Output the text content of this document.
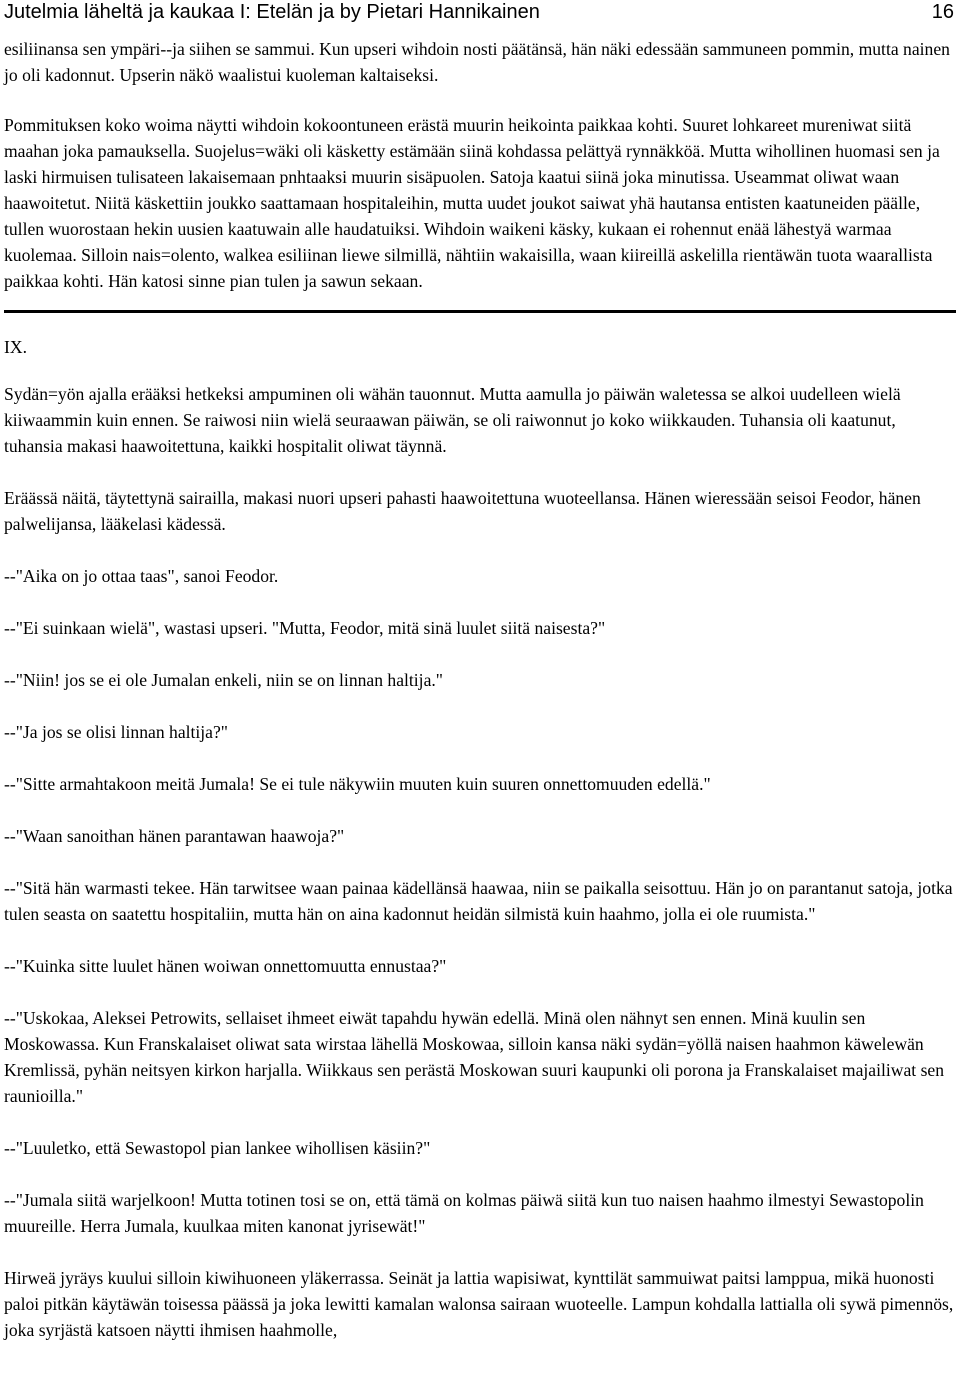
Jutelmia läheltä ja kaukaa I: Etelän ja by Pietari Hannikainen	16

esiliinansa sen ympäri--ja siihen se sammui. Kun upseri wihdoin nosti päätänsä, hän näki edessään sammuneen pommin, mutta nainen jo oli kadonnut. Upserin näkö waalistui kuoleman kaltaiseksi.

Pommituksen koko woima näytti wihdoin kokoontuneen erästä muurin heikointa paikkaa kohti. Suuret lohkareet mureniwat siitä maahan joka pamauksella. Suojelus=wäki oli käsketty estämään siinä kohdassa pelättyä rynnäkköä. Mutta wihollinen huomasi sen ja laski hirmuisen tulisateen lakaisemaan pnhtaaksi muurin sisäpuolen. Satoja kaatui siinä joka minutissa. Useammat oliwat waan haawoitetut. Niitä käskettiin joukko saattamaan hospitaleihin, mutta uudet joukot saiwat yhä hautansa entisten kaatuneiden päälle, tullen wuorostaan hekin uusien kaatuwain alle haudatuiksi. Wihdoin waikeni käsky, kukaan ei rohennut enää lähestyä warmaa kuolemaa. Silloin nais=olento, walkea esiliinan liewe silmillä, nähtiin wakaisilla, waan kiireillä askelilla rientäwän tuota waarallista paikkaa kohti. Hän katosi sinne pian tulen ja sawun sekaan.

IX.

Sydän=yön ajalla erääksi hetkeksi ampuminen oli wähän tauonnut. Mutta aamulla jo päiwän waletessa se alkoi uudelleen wielä kiiwaammin kuin ennen. Se raiwosi niin wielä seuraawan päiwän, se oli raiwonnut jo koko wiikkauden. Tuhansia oli kaatunut, tuhansia makasi haawoitettuna, kaikki hospitalit oliwat täynnä.

Eräässä näitä, täytettynä sairailla, makasi nuori upseri pahasti haawoitettuna wuoteellansa. Hänen wieressään seisoi Feodor, hänen palwelijansa, lääkelasi kädessä.

--"Aika on jo ottaa taas", sanoi Feodor.

--"Ei suinkaan wielä", wastasi upseri. "Mutta, Feodor, mitä sinä luulet siitä naisesta?"

--"Niin! jos se ei ole Jumalan enkeli, niin se on linnan haltija."

--"Ja jos se olisi linnan haltija?"

--"Sitte armahtakoon meitä Jumala! Se ei tule näkywiin muuten kuin suuren onnettomuuden edellä."

--"Waan sanoithan hänen parantawan haawoja?"

--"Sitä hän warmasti tekee. Hän tarwitsee waan painaa kädellänsä haawaa, niin se paikalla seisottuu. Hän jo on parantanut satoja, jotka tulen seasta on saatettu hospitaliin, mutta hän on aina kadonnut heidän silmistä kuin haahmo, jolla ei ole ruumista."

--"Kuinka sitte luulet hänen woiwan onnettomuutta ennustaa?"

--"Uskokaa, Aleksei Petrowits, sellaiset ihmeet eiwät tapahdu hywän edellä. Minä olen nähnyt sen ennen. Minä kuulin sen Moskowassa. Kun Franskalaiset oliwat sata wirstaa lähellä Moskowaa, silloin kansa näki sydän=yöllä naisen haahmon käwelewän Kremlissä, pyhän neitsyen kirkon harjalla. Wiikkaus sen perästä Moskowan suuri kaupunki oli porona ja Franskalaiset majailiwat sen raunioilla."

--"Luuletko, että Sewastopol pian lankee wihollisen käsiin?"

--"Jumala siitä warjelkoon! Mutta totinen tosi se on, että tämä on kolmas päiwä siitä kun tuo naisen haahmo ilmestyi Sewastopolin muureille. Herra Jumala, kuulkaa miten kanonat jyrisewät!"

Hirweä jyräys kuului silloin kiwihuoneen yläkerrassa. Seinät ja lattia wapisiwat, kynttilät sammuiwat paitsi lamppua, mikä huonosti paloi pitkän käytäwän toisessa päässä ja joka lewitti kamalan walonsa sairaan wuoteelle. Lampun kohdalla lattialla oli sywä pimennös, joka syrjästä katsoen näytti ihmisen haahmolle,
